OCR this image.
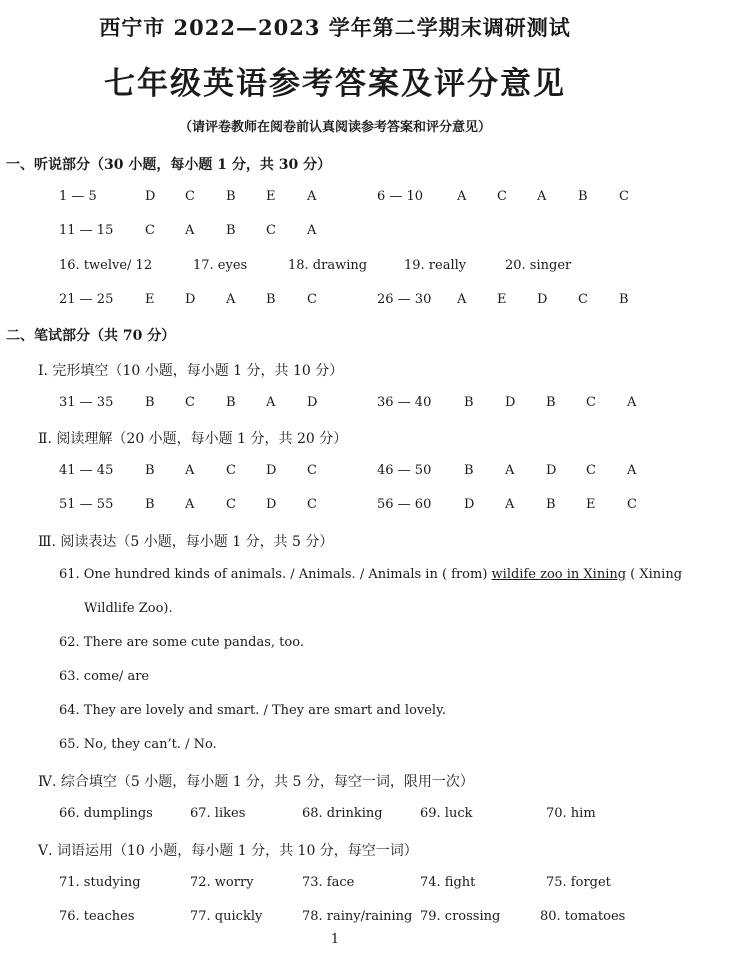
西宁市 2022—2023 学年第二学期末调研测试
七年级英语参考答案及评分意见
（请评卷教师在阅卷前认真阅读参考答案和评分意见）
一、听说部分（30 小题，每小题 1 分，共 30 分）
1 — 5	D C B E A	6 — 10	A C A B C
11 — 15 C A B C A
16. twelve/ 12	17. eyes	18. drawing	19. really	20. singer
21 — 25 E D A B C	26 — 30 A E D C B
二、笔试部分（共 70 分）
Ⅰ. 完形填空（10 小题，每小题 1 分，共 10 分）
31 — 35 B C B A D	36 — 40	B D B C A
Ⅱ. 阅读理解（20 小题，每小题 1 分，共 20 分）
41 — 45 B A C D C	46 — 50	B A D C A
51 — 55 B A C D C	56 — 60	D A B E C
Ⅲ. 阅读表达（5 小题，每小题 1 分，共 5 分）
61. One hundred kinds of animals. / Animals. / Animals in ( from) wildife zoo in Xining ( Xining
Wildlife Zoo).
62. There are some cute pandas, too.
63. come/ are
64. They are lovely and smart. / They are smart and lovely.
65. No, they can’t. / No.
Ⅳ. 综合填空（5 小题，每小题 1 分，共 5 分，每空一词，限用一次）
66. dumplings	67. likes	68. drinking	69. luck	70. him
Ⅴ. 词语运用（10 小题，每小题 1 分，共 10 分，每空一词）
71. studying	72. worry	73. face	74. fight	75. forget
76. teaches	77. quickly	78. rainy/raining 79. crossing	80. tomatoes
1
